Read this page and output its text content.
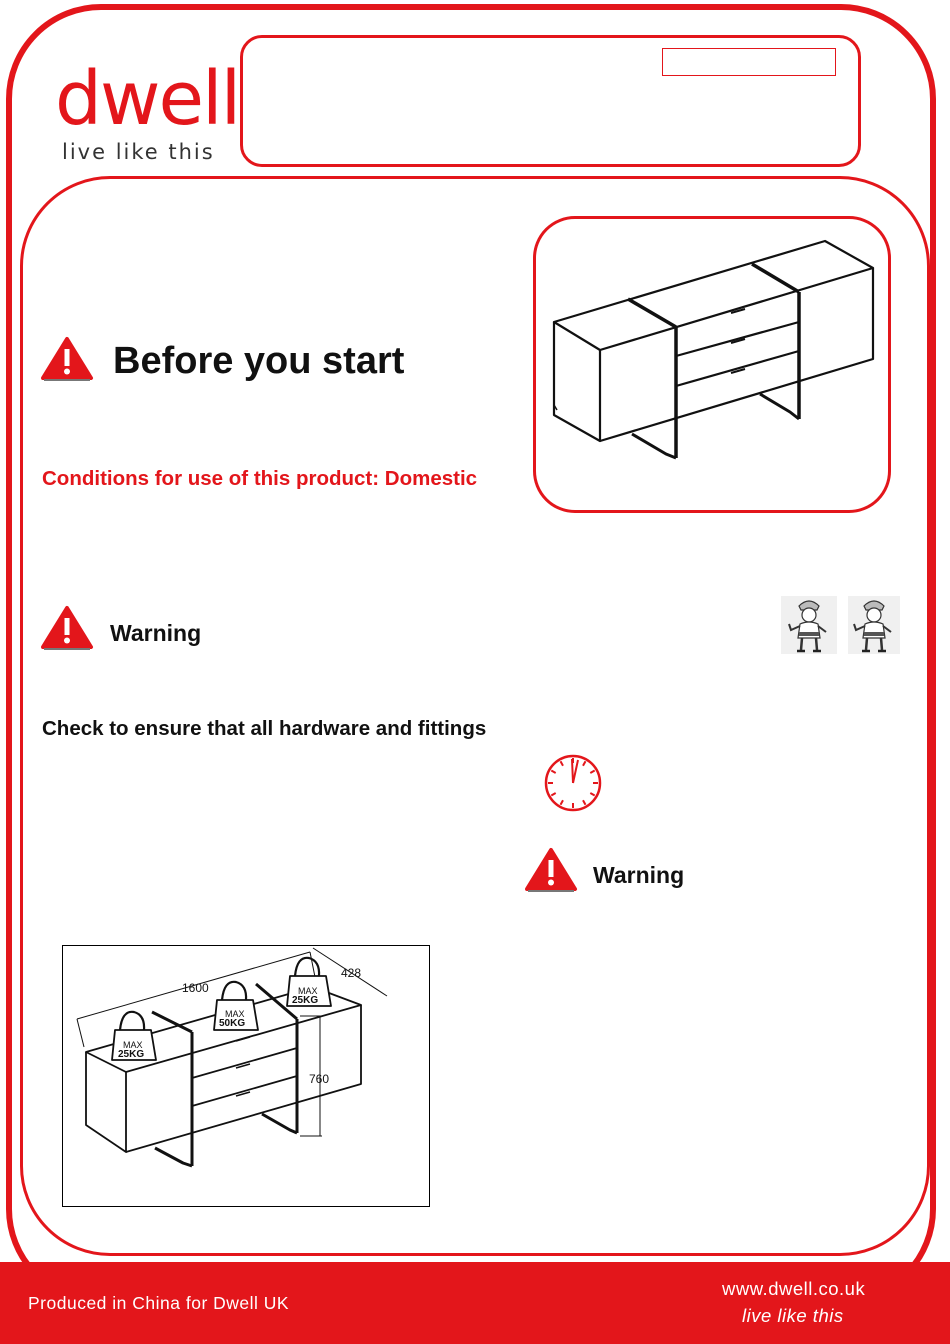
dwell
live like this
Before you start
Conditions for use of this product: Domestic
Warning
Warning
Check to ensure that all hardware and fittings
1600
428
760
MAX
25KG
MAX
50KG
MAX
25KG
Produced in China for Dwell UK
www.dwell.co.uk
live like this
